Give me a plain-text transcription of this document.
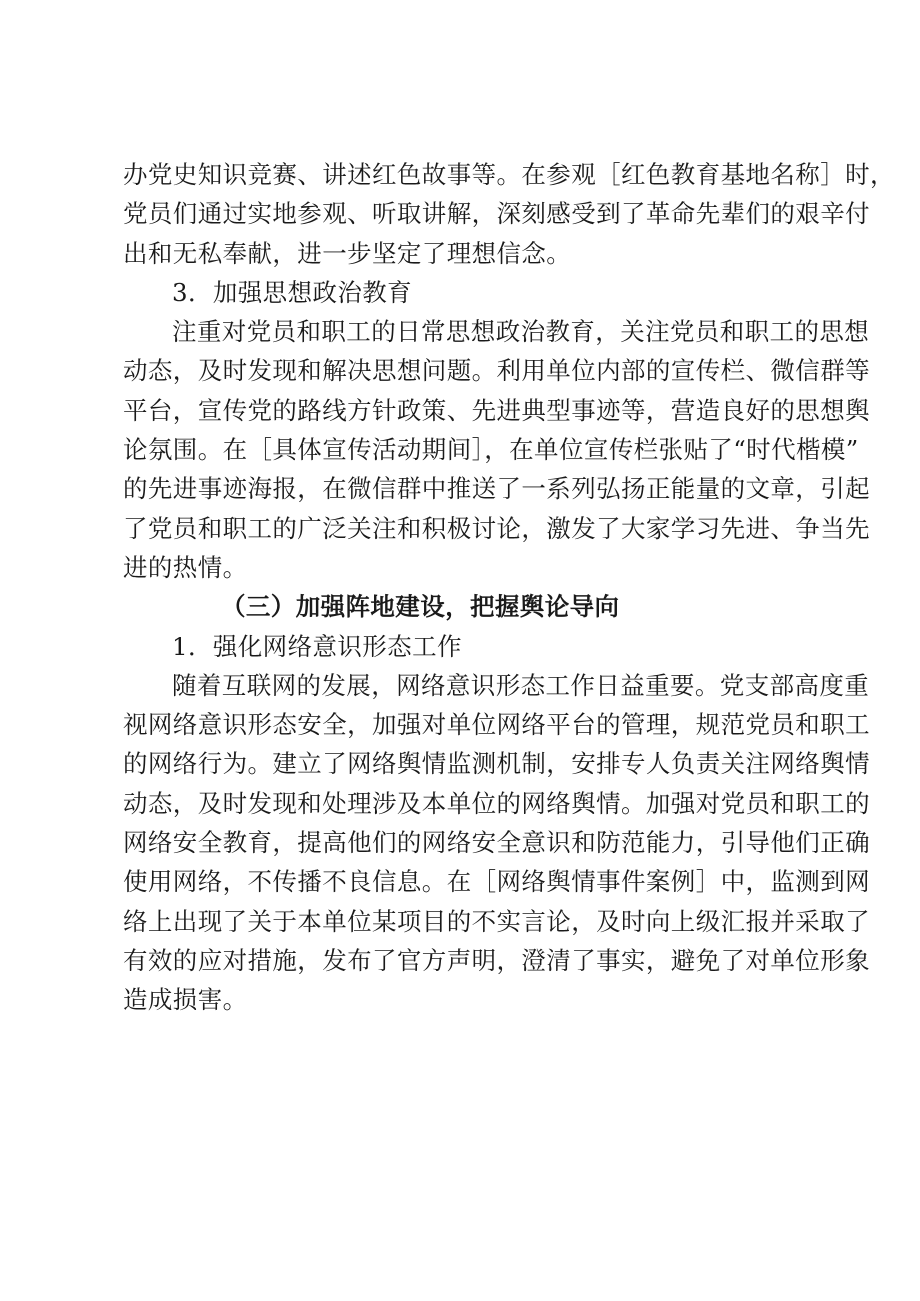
办党史知识竞赛、讲述红色故事等。在参观［红色教育基地名称］时，
党员们通过实地参观、听取讲解，深刻感受到了革命先辈们的艰辛付
出和无私奉献，进一步坚定了理想信念。

3．加强思想政治教育

注重对党员和职工的日常思想政治教育，关注党员和职工的思想
动态，及时发现和解决思想问题。利用单位内部的宣传栏、微信群等
平台，宣传党的路线方针政策、先进典型事迹等，营造良好的思想舆
论氛围。在［具体宣传活动期间］，在单位宣传栏张贴了“时代楷模”
的先进事迹海报，在微信群中推送了一系列弘扬正能量的文章，引起
了党员和职工的广泛关注和积极讨论，激发了大家学习先进、争当先
进的热情。

（三）加强阵地建设，把握舆论导向

1．强化网络意识形态工作

随着互联网的发展，网络意识形态工作日益重要。党支部高度重
视网络意识形态安全，加强对单位网络平台的管理，规范党员和职工
的网络行为。建立了网络舆情监测机制，安排专人负责关注网络舆情
动态，及时发现和处理涉及本单位的网络舆情。加强对党员和职工的
网络安全教育，提高他们的网络安全意识和防范能力，引导他们正确
使用网络，不传播不良信息。在［网络舆情事件案例］中，监测到网
络上出现了关于本单位某项目的不实言论，及时向上级汇报并采取了
有效的应对措施，发布了官方声明，澄清了事实，避免了对单位形象
造成损害。
